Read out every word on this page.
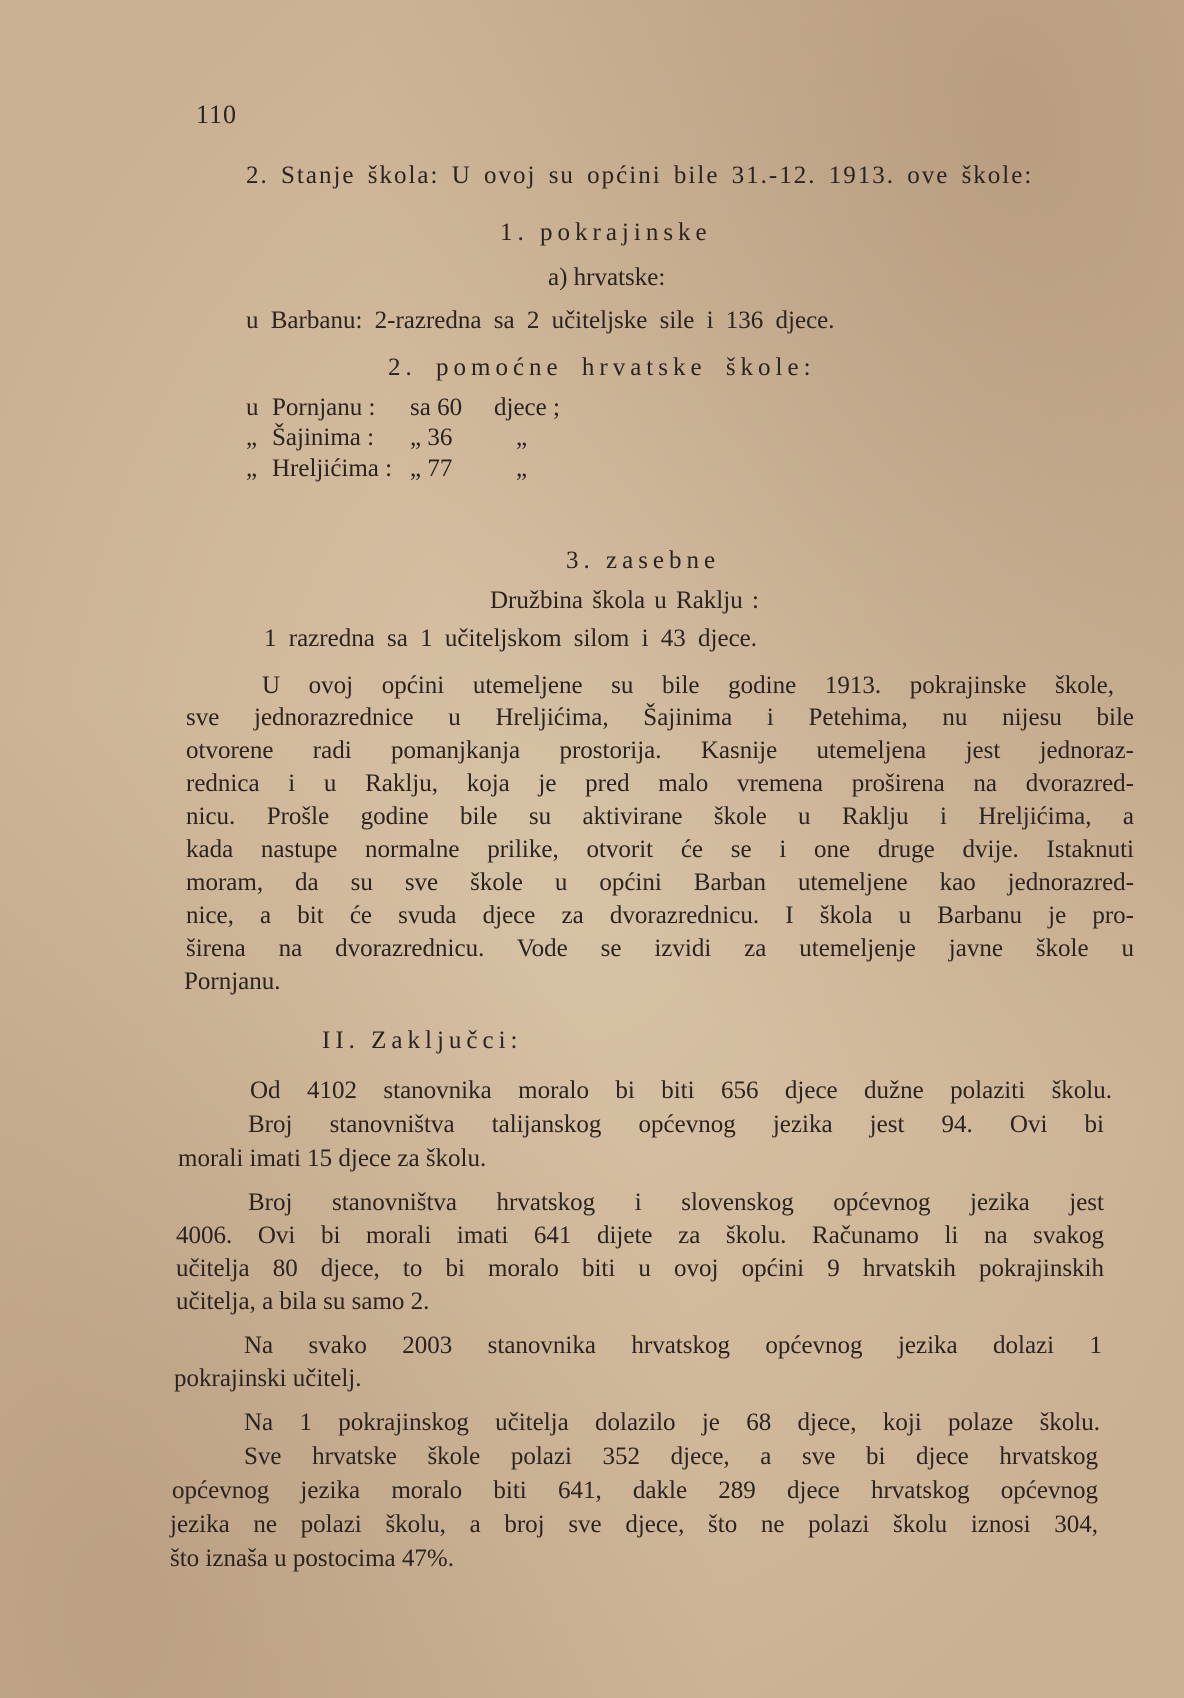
110
2. Stanje škola: U ovoj su općini bile 31.-12. 1913. ove škole:
1. pokrajinske
a) hrvatske:
u Barbanu: 2-razredna sa 2 učiteljske sile i 136 djece.
2. pomoćne hrvatske škole:
u Pornjanu : sa 60 djece ;
„ Šajinima : „ 36	„
„ Hreljićima : „ 77	„
3. zasebne
Družbina škola u Raklju :
1 razredna sa 1 učiteljskom silom i 43 djece.
U ovoj općini utemeljene su bile godine 1913. pokrajinske škole,
sve jednorazrednice u Hreljićima, Šajinima i Petehima, nu nijesu bile
otvorene radi pomanjkanja prostorija. Kasnije utemeljena jest jednoraz-
rednica i u Raklju, koja je pred malo vremena proširena na dvorazred-
nicu. Prošle godine bile su aktivirane škole u Raklju i Hreljićima, a
kada nastupe normalne prilike, otvorit će se i one druge dvije. Istaknuti
moram, da su sve škole u općini Barban utemeljene kao jednorazred-
nice, a bit će svuda djece za dvorazrednicu. I škola u Barbanu je pro-
širena na dvorazrednicu. Vode se izvidi za utemeljenje javne škole u
Pornjanu.
II. Zaključci:
Od 4102 stanovnika moralo bi biti 656 djece dužne polaziti školu.
Broj stanovništva talijanskog općevnog jezika jest 94. Ovi bi
morali imati 15 djece za školu.
Broj stanovništva hrvatskog i slovenskog općevnog jezika jest
4006. Ovi bi morali imati 641 dijete za školu. Računamo li na svakog
učitelja 80 djece, to bi moralo biti u ovoj općini 9 hrvatskih pokrajinskih
učitelja, a bila su samo 2.
Na svako 2003 stanovnika hrvatskog općevnog jezika dolazi 1
pokrajinski učitelj.
Na 1 pokrajinskog učitelja dolazilo je 68 djece, koji polaze školu.
Sve hrvatske škole polazi 352 djece, a sve bi djece hrvatskog
općevnog jezika moralo biti 641, dakle 289 djece hrvatskog općevnog
jezika ne polazi školu, a broj sve djece, što ne polazi školu iznosi 304,
što iznaša u postocima 47%.
